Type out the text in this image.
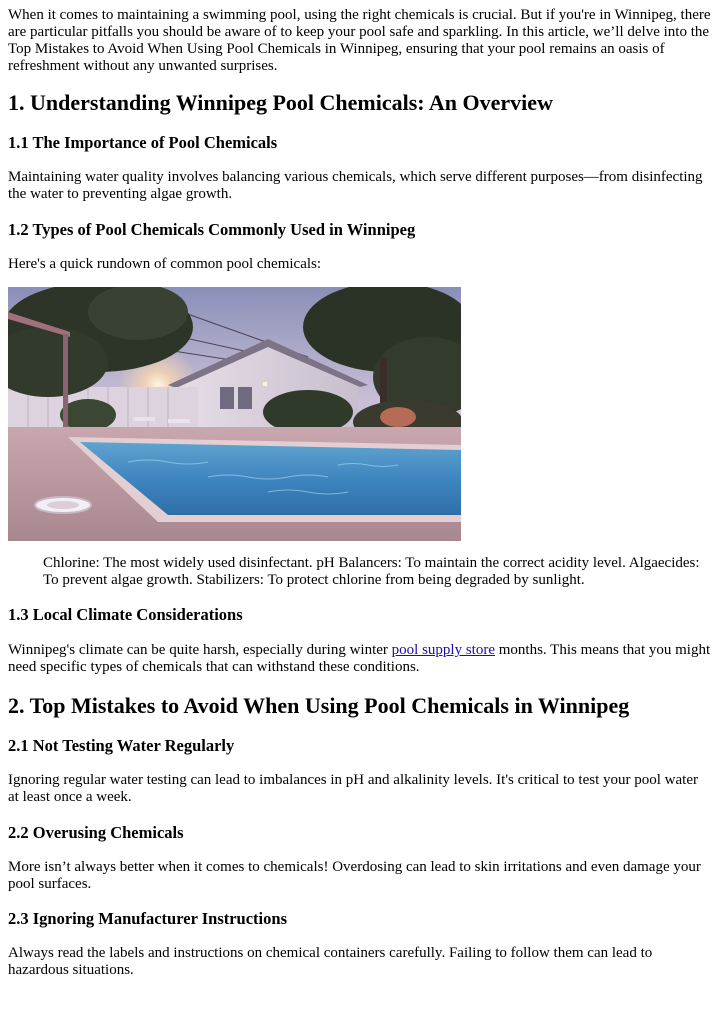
When it comes to maintaining a swimming pool, using the right chemicals is crucial. But if you're in Winnipeg, there are particular pitfalls you should be aware of to keep your pool safe and sparkling. In this article, we’ll delve into the Top Mistakes to Avoid When Using Pool Chemicals in Winnipeg, ensuring that your pool remains an oasis of refreshment without any unwanted surprises.

1. Understanding Winnipeg Pool Chemicals: An Overview
1.1 The Importance of Pool Chemicals

Maintaining water quality involves balancing various chemicals, which serve different purposes—from disinfecting the water to preventing algae growth.

1.2 Types of Pool Chemicals Commonly Used in Winnipeg

Here's a quick rundown of common pool chemicals:

Chlorine: The most widely used disinfectant. pH Balancers: To maintain the correct acidity level. Algaecides: To prevent algae growth. Stabilizers: To protect chlorine from being degraded by sunlight.

1.3 Local Climate Considerations

Winnipeg's climate can be quite harsh, especially during winter pool supply store months. This means that you might need specific types of chemicals that can withstand these conditions.

2. Top Mistakes to Avoid When Using Pool Chemicals in Winnipeg
2.1 Not Testing Water Regularly

Ignoring regular water testing can lead to imbalances in pH and alkalinity levels. It's critical to test your pool water at least once a week.

2.2 Overusing Chemicals

More isn’t always better when it comes to chemicals! Overdosing can lead to skin irritations and even damage your pool surfaces.

2.3 Ignoring Manufacturer Instructions

Always read the labels and instructions on chemical containers carefully. Failing to follow them can lead to hazardous situations.
